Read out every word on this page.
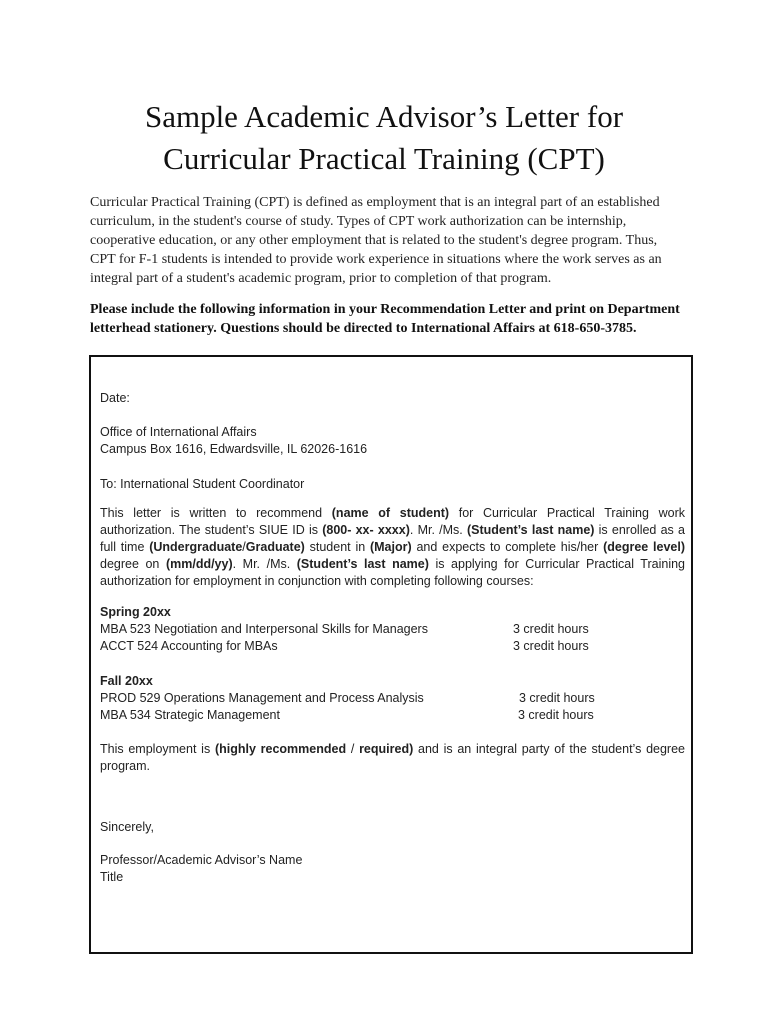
Sample Academic Advisor’s Letter for
Curricular Practical Training (CPT)
Curricular Practical Training (CPT) is defined as employment that is an integral part of an established
curriculum, in the student's course of study. Types of CPT work authorization can be internship,
cooperative education, or any other employment that is related to the student's degree program. Thus,
CPT for F-1 students is intended to provide work experience in situations where the work serves as an
integral part of a student's academic program, prior to completion of that program.
Please include the following information in your Recommendation Letter and print on Department
letterhead stationery. Questions should be directed to International Affairs at 618-650-3785.
Date:
Office of International Affairs
Campus Box 1616, Edwardsville, IL 62026-1616
To: International Student Coordinator
This letter is written to recommend (name of student) for Curricular Practical Training work
authorization. The student’s SIUE ID is (800- xx- xxxx). Mr. /Ms. (Student’s last name) is enrolled as a
full time (Undergraduate/Graduate) student in (Major) and expects to complete his/her (degree level)
degree on (mm/dd/yy). Mr. /Ms. (Student’s last name) is applying for Curricular Practical Training
authorization for employment in conjunction with completing following courses:
Spring 20xx
MBA 523 Negotiation and Interpersonal Skills for Managers	3 credit hours
ACCT 524 Accounting for MBAs	3 credit hours
Fall 20xx
PROD 529 Operations Management and Process Analysis	3 credit hours
MBA 534 Strategic Management	3 credit hours
This employment is (highly recommended / required) and is an integral party of the student’s degree
program.
Sincerely,
Professor/Academic Advisor’s Name
Title
